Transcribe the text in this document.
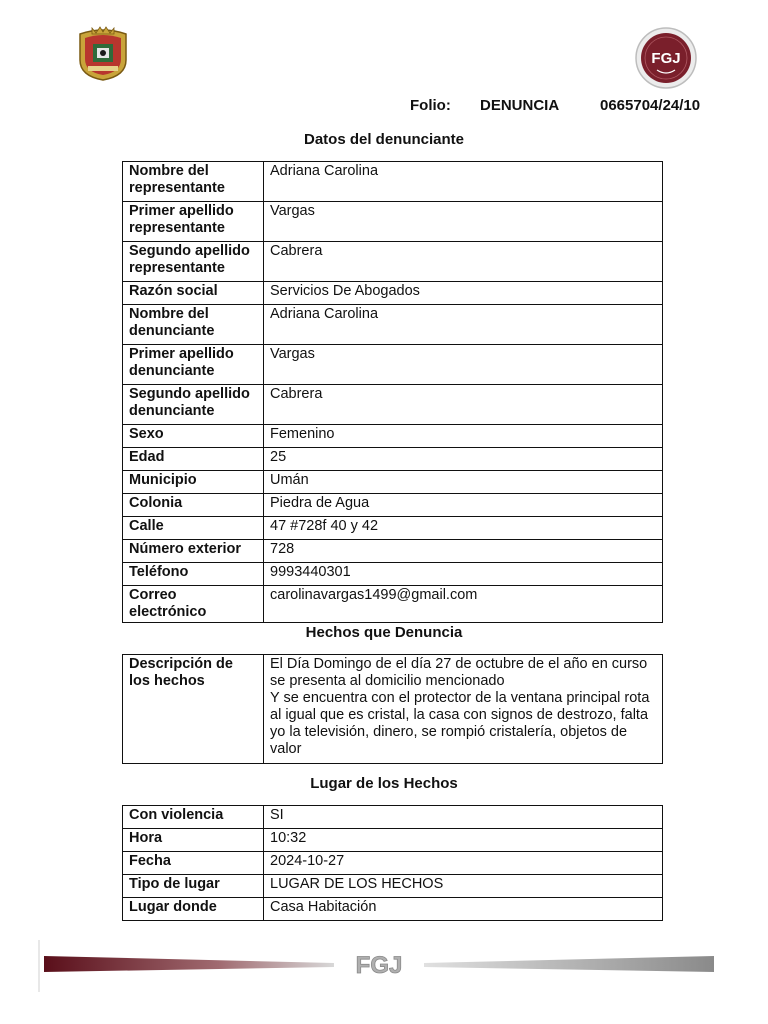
FGJ
Folio: DENUNCIA	0665704/24/10
Datos del denunciante
Nombre del representante	Adriana Carolina
Primer apellido representante	Vargas
Segundo apellido representante	Cabrera
Razón social	Servicios De Abogados
Nombre del denunciante	Adriana Carolina
Primer apellido denunciante	Vargas
Segundo apellido denunciante	Cabrera
Sexo	Femenino
Edad	25
Municipio	Umán
Colonia	Piedra de Agua
Calle	47 #728f 40 y 42
Número exterior	728
Teléfono	9993440301
Correo electrónico	carolinavargas1499@gmail.com
Hechos que Denuncia
Descripción de los hechos	El Día Domingo de el día 27 de octubre de el año en curso se presenta al domicilio mencionado
Y se encuentra con el protector de la ventana principal rota al igual que es cristal, la casa con signos de destrozo, falta yo la televisión, dinero, se rompió cristalería, objetos de valor
Lugar de los Hechos
Con violencia	SI
Hora	10:32
Fecha	2024-10-27
Tipo de lugar	LUGAR DE LOS HECHOS
Lugar donde	Casa Habitación
FGJ
